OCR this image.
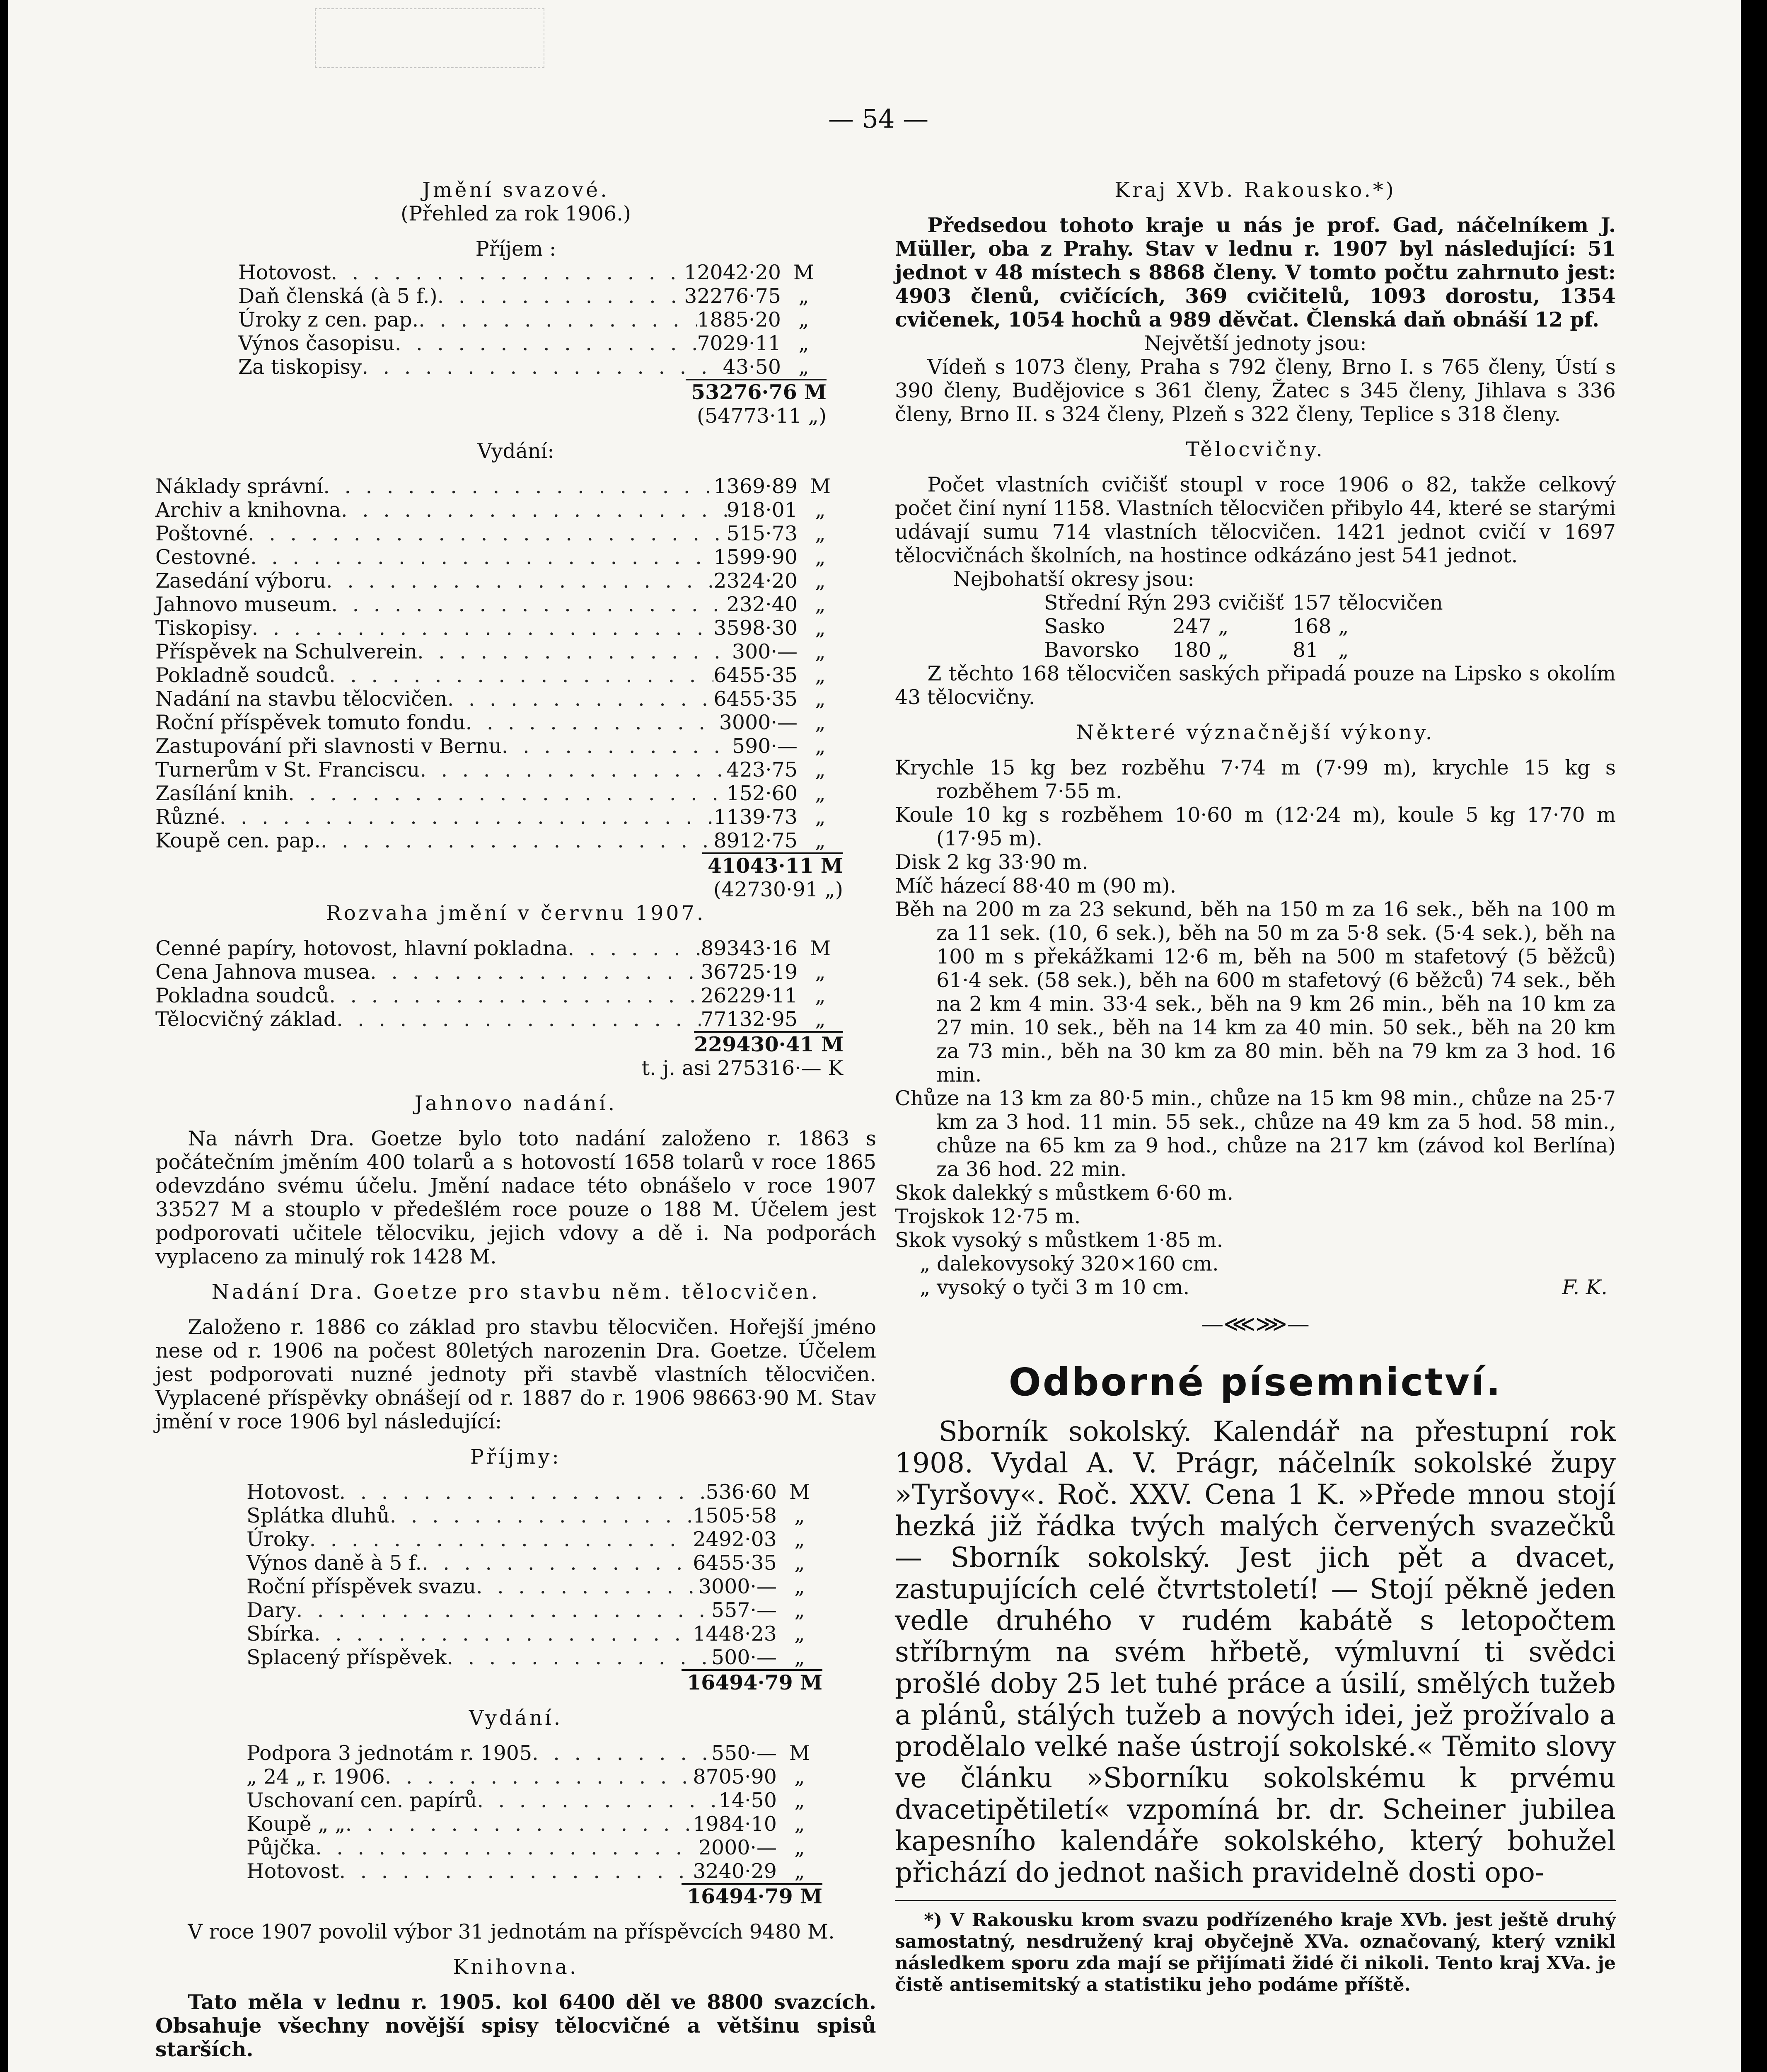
— 54 —
Jmění svazové.
(Přehled za rok 1906.)
Příjem :
Hotovost . . .	12042·20 M
Daň členská (à 5 f.) . . .	32276·75 „
Úroky z cen. pap. . . .	1885·20 „
Výnos časopisu . . .	7029·11 „
Za tiskopisy . . .	43·50 „
53276·76 M
(54773·11 „)
Vydání:
Náklady správní . . .	1369·89 M
Archiv a knihovna . . .	918·01 „
Poštovné . . .	515·73 „
Cestovné . . .	1599·90 „
Zasedání výboru . . .	2324·20 „
Jahnovo museum . . .	232·40 „
Tiskopisy . . .	3598·30 „
Příspěvek na Schulverein . . .	300·— „
Pokladně soudců . . .	6455·35 „
Nadání na stavbu tělocvičen . . .	6455·35 „
Roční příspěvek tomuto fondu . . .	3000·— „
Zastupování při slavnosti v Bernu . . .	590·— „
Turnerům v St. Franciscu . . .	423·75 „
Zasílání knih . . .	152·60 „
Různé . . .	1139·73 „
Koupě cen. pap. . . .	8912·75 „
41043·11 M
(42730·91 „)
Rozvaha jmění v červnu 1907.
Cenné papíry, hotovost, hlavní pokladna . . .	89343·16 M
Cena Jahnova musea . . .	36725·19 „
Pokladna soudců . . .	26229·11 „
Tělocvičný základ . . .	77132·95 „
229430·41 M
t. j. asi 275316·— K
Jahnovo nadání.

Na návrh Dra. Goetze bylo toto nadání založeno r. 1863 s počátečním jměním 400 tolarů a s hotovostí 1658 tolarů v roce 1865 odevzdáno svému účelu. Jmění nadace této obnášelo v roce 1907 33527 M a stouplo v předešlém roce pouze o 188 M. Účelem jest podporovati učitele tělocviku, jejich vdovy a dě i. Na podporách vyplaceno za minulý rok 1428 M.

Nadání Dra. Goetze pro stavbu něm. tělocvičen.

Založeno r. 1886 co základ pro stavbu tělocvičen. Hořejší jméno nese od r. 1906 na počest 80letých narozenin Dra. Goetze. Účelem jest podporovati nuzné jednoty při stavbě vlastních tělocvičen. Vyplacené příspěvky obnášejí od r. 1887 do r. 1906 98663·90 M. Stav jmění v roce 1906 byl následující:

Příjmy:
Hotovost . . .	536·60 M
Splátka dluhů . . .	1505·58 „
Úroky . . .	2492·03 „
Výnos daně à 5 f. . . .	6455·35 „
Roční příspěvek svazu . . .	3000·— „
Dary . . .	557·— „
Sbírka . . .	1448·23 „
Splacený příspěvek . . .	500·— „
16494·79 M
Vydání.
Podpora 3 jednotám r. 1905 . . .	550·— M
„ 24 „ r. 1906 . . .	8705·90 „
Uschovaní cen. papírů . . .	14·50 „
Koupě „ „ . . .	1984·10 „
Půjčka . . .	2000·— „
Hotovost . . .	3240·29 „
16494·79 M

V roce 1907 povolil výbor 31 jednotám na příspěvcích 9480 M.

Knihovna.

Tato měla v lednu r. 1905. kol 6400 děl ve 8800 svazcích. Obsahuje všechny novější spisy tělocvičné a většinu spisů starších.

Kraj XVb. Rakousko.*)

Předsedou tohoto kraje u nás je prof. Gad, náčelníkem J. Müller, oba z Prahy. Stav v lednu r. 1907 byl následující: 51 jednot v 48 místech s 8868 členy. V tomto počtu zahrnuto jest: 4903 členů, cvičících, 369 cvičitelů, 1093 dorostu, 1354 cvičenek, 1054 hochů a 989 děvčat. Členská daň obnáší 12 pf.

Největší jednoty jsou:

Vídeň s 1073 členy, Praha s 792 členy, Brno I. s 765 členy, Ústí s 390 členy, Budějovice s 361 členy, Žatec s 345 členy, Jihlava s 336 členy, Brno II. s 324 členy, Plzeň s 322 členy, Teplice s 318 členy.

Tělocvičny.

Počet vlastních cvičišť stoupl v roce 1906 o 82, takže celkový počet činí nyní 1158. Vlastních tělocvičen přibylo 44, které se starými udávají sumu 714 vlastních tělocvičen. 1421 jednot cvičí v 1697 tělocvičnách školních, na hostince odkázáno jest 541 jednot.

Nejbohatší okresy jsou:
Střední Rýn 293 cvičišť 157 tělocvičen
Sasko	247 „	168 „
Bavorsko	180 „	81 „

Z těchto 168 tělocvičen saských připadá pouze na Lipsko s okolím 43 tělocvičny.

Některé význačnější výkony.
Krychle 15 kg bez rozběhu 7·74 m (7·99 m), krychle 15 kg s rozběhem 7·55 m.
Koule 10 kg s rozběhem 10·60 m (12·24 m), koule 5 kg 17·70 m (17·95 m).
Disk 2 kg 33·90 m.
Míč házecí 88·40 m (90 m).
Běh na 200 m za 23 sekund, běh na 150 m za 16 sek., běh na 100 m za 11 sek. (10, 6 sek.), běh na 50 m za 5·8 sek. (5·4 sek.), běh na 100 m s překážkami 12·6 m, běh na 500 m stafetový (5 běžců) 61·4 sek. (58 sek.), běh na 600 m stafetový (6 běžců) 74 sek., běh na 2 km 4 min. 33·4 sek., běh na 9 km 26 min., běh na 10 km za 27 min. 10 sek., běh na 14 km za 40 min. 50 sek., běh na 20 km za 73 min., běh na 30 km za 80 min. běh na 79 km za 3 hod. 16 min.
Chůze na 13 km za 80·5 min., chůze na 15 km 98 min., chůze na 25·7 km za 3 hod. 11 min. 55 sek., chůze na 49 km za 5 hod. 58 min., chůze na 65 km za 9 hod., chůze na 217 km (závod kol Berlína) za 36 hod. 22 min.
Skok dalekký s můstkem 6·60 m.
Trojskok 12·75 m.
Skok vysoký s můstkem 1·85 m.
„ dalekovysoký 320×160 cm.
„ vysoký o tyči 3 m 10 cm.	F. K.
—⋘⋙—
Odborné písemnictví.

Sborník sokolský. Kalendář na přestupní rok 1908. Vydal A. V. Prágr, náčelník sokolské župy »Tyršovy«. Roč. XXV. Cena 1 K. »Přede mnou stojí hezká již řádka tvých malých červených svazečků — Sborník sokolský. Jest jich pět a dvacet, zastupujících celé čtvrtstoletí! — Stojí pěkně jeden vedle druhého v rudém kabátě s letopočtem stříbrným na svém hřbetě, výmluvní ti svědci prošlé doby 25 let tuhé práce a úsilí, smělých tužeb a plánů, stálých tužeb a nových idei, jež prožívalo a prodělalo velké naše ústrojí sokolské.« Těmito slovy ve článku »Sborníku sokolskému k prvému dvacetipětiletí« vzpomíná br. dr. Scheiner jubilea kapesního kalendáře sokolského, který bohužel přichází do jednot našich pravidelně dosti opo-

*) V Rakousku krom svazu podřízeného kraje XVb. jest ještě druhý samostatný, nesdružený kraj obyčejně XVa. označovaný, který vznikl následkem sporu zda mají se přijímati židé či nikoli. Tento kraj XVa. je čistě antisemitský a statistiku jeho podáme příště.
